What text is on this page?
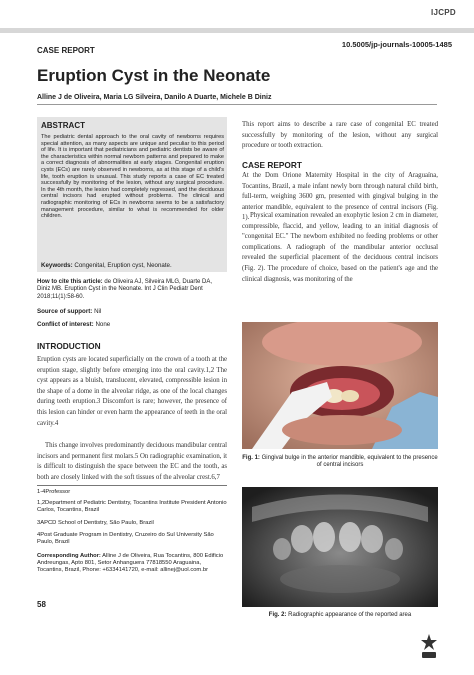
IJCPD
10.5005/jp-journals-10005-1485
CASE REPORT
Eruption Cyst in the Neonate
Alline J de Oliveira, Maria LG Silveira, Danilo A Duarte, Michele B Diniz
ABSTRACT
The pediatric dental approach to the oral cavity of newborns requires special attention, as many aspects are unique and peculiar to this period of life. It is important that pediatricians and pediatric dentists be aware of the characteristics within normal newborn patterns and prepared to make a correct diagnosis of abnormalities at early stages. Congenital eruption cysts (ECs) are rarely observed in newborns, as at this stage of a child's life, tooth eruption is unusual. This study reports a case of EC treated successfully by monitoring of the lesion, without any surgical procedure. In the 4th month, the lesion had completely regressed, and the deciduous central incisors had erupted without problems. The clinical and radiographic monitoring of ECs in newborns seems to be a satisfactory management procedure, similar to what is recommended for older children.
Keywords: Congenital, Eruption cyst, Neonate.
How to cite this article: de Oliveira AJ, Silveira MLG, Duarte DA, Diniz MB. Eruption Cyst in the Neonate. Int J Clin Pediatr Dent 2018;11(1):58-60.
Source of support: Nil
Conflict of interest: None
INTRODUCTION
Eruption cysts are located superficially on the crown of a tooth at the eruption stage, slightly before emerging into the oral cavity.1,2 The cyst appears as a bluish, translucent, elevated, compressible lesion in the shape of a dome in the alveolar ridge, as one of the local changes during teeth eruption.3 Discomfort is rare; however, the presence of this lesion can hinder or even harm the appearance of teeth in the oral cavity.4
This change involves predominantly deciduous mandibular central incisors and permanent first molars.5 On radiographic examination, it is difficult to distinguish the space between the EC and the tooth, as both are closely linked with the soft tissues of the alveolar crest.6,7
1-4Professor
1,2Department of Pediatric Dentistry, Tocantins Institute President Antonio Carlos, Tocantins, Brazil
3APCD School of Dentistry, São Paulo, Brazil
4Post Graduate Program in Dentistry, Cruzeiro do Sul University São Paulo, Brazil
Corresponding Author: Alline J de Oliveira, Rua Tocantins, 800 Edificio Andreungas, Apto 801, Setor Anhanguera 77818550 Araguaina, Tocantins, Brazil, Phone: +6334141720, e-mail: allinej@uol.com.br
58
This report aims to describe a rare case of congenital EC treated successfully by monitoring of the lesion, without any surgical procedure or tooth extraction.
CASE REPORT
At the Dom Orione Maternity Hospital in the city of Araguaína, Tocantins, Brazil, a male infant newly born through natural child birth, full-term, weighing 3600 gm, presented with gingival bulging in the anterior mandible, equivalent to the presence of central incisors (Fig. 1). Physical examination revealed an exophytic lesion 2 cm in diameter, compressible, flaccid, and yellow, leading to an initial diagnosis of "congenital EC." The newborn exhibited no feeding problems or other complications. A radiograph of the mandibular anterior occlusal revealed the superficial placement of the deciduous central incisors (Fig. 2). The procedure of choice, based on the patient's age and the clinical diagnosis, was monitoring of the
Fig. 1: Gingival bulge in the anterior mandible, equivalent to the presence of central incisors
Fig. 2: Radiographic appearance of the reported area
